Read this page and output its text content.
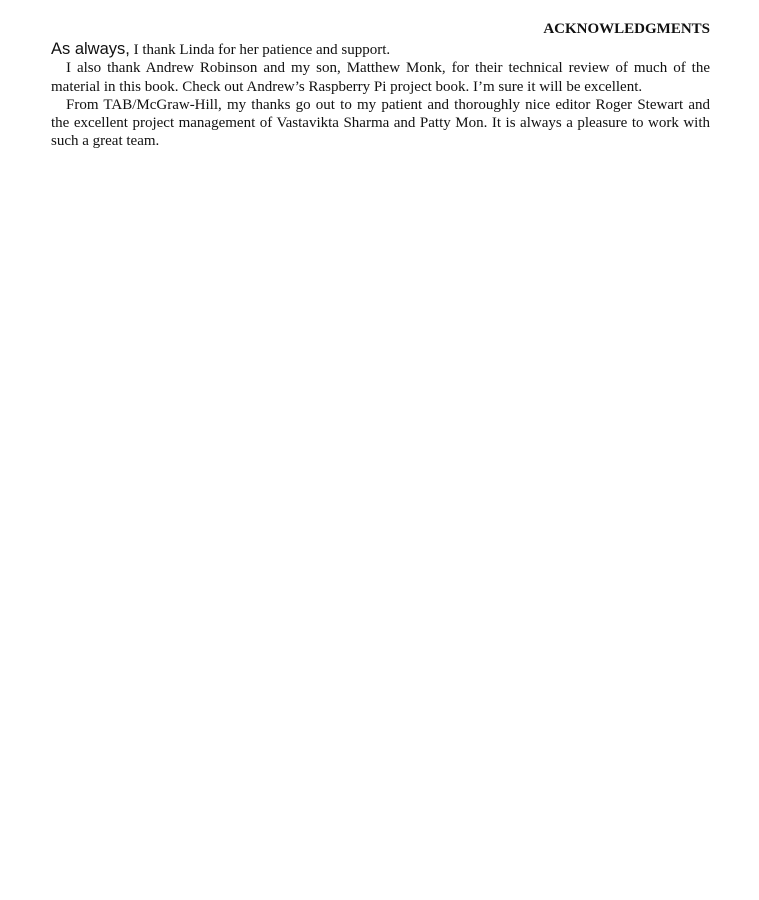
ACKNOWLEDGMENTS

As always, I thank Linda for her patience and support.

I also thank Andrew Robinson and my son, Matthew Monk, for their technical review of much of the material in this book. Check out Andrew’s Raspberry Pi project book. I’m sure it will be excellent.

From TAB/McGraw-Hill, my thanks go out to my patient and thoroughly nice editor Roger Stewart and the excellent project management of Vastavikta Sharma and Patty Mon. It is always a pleasure to work with such a great team.
